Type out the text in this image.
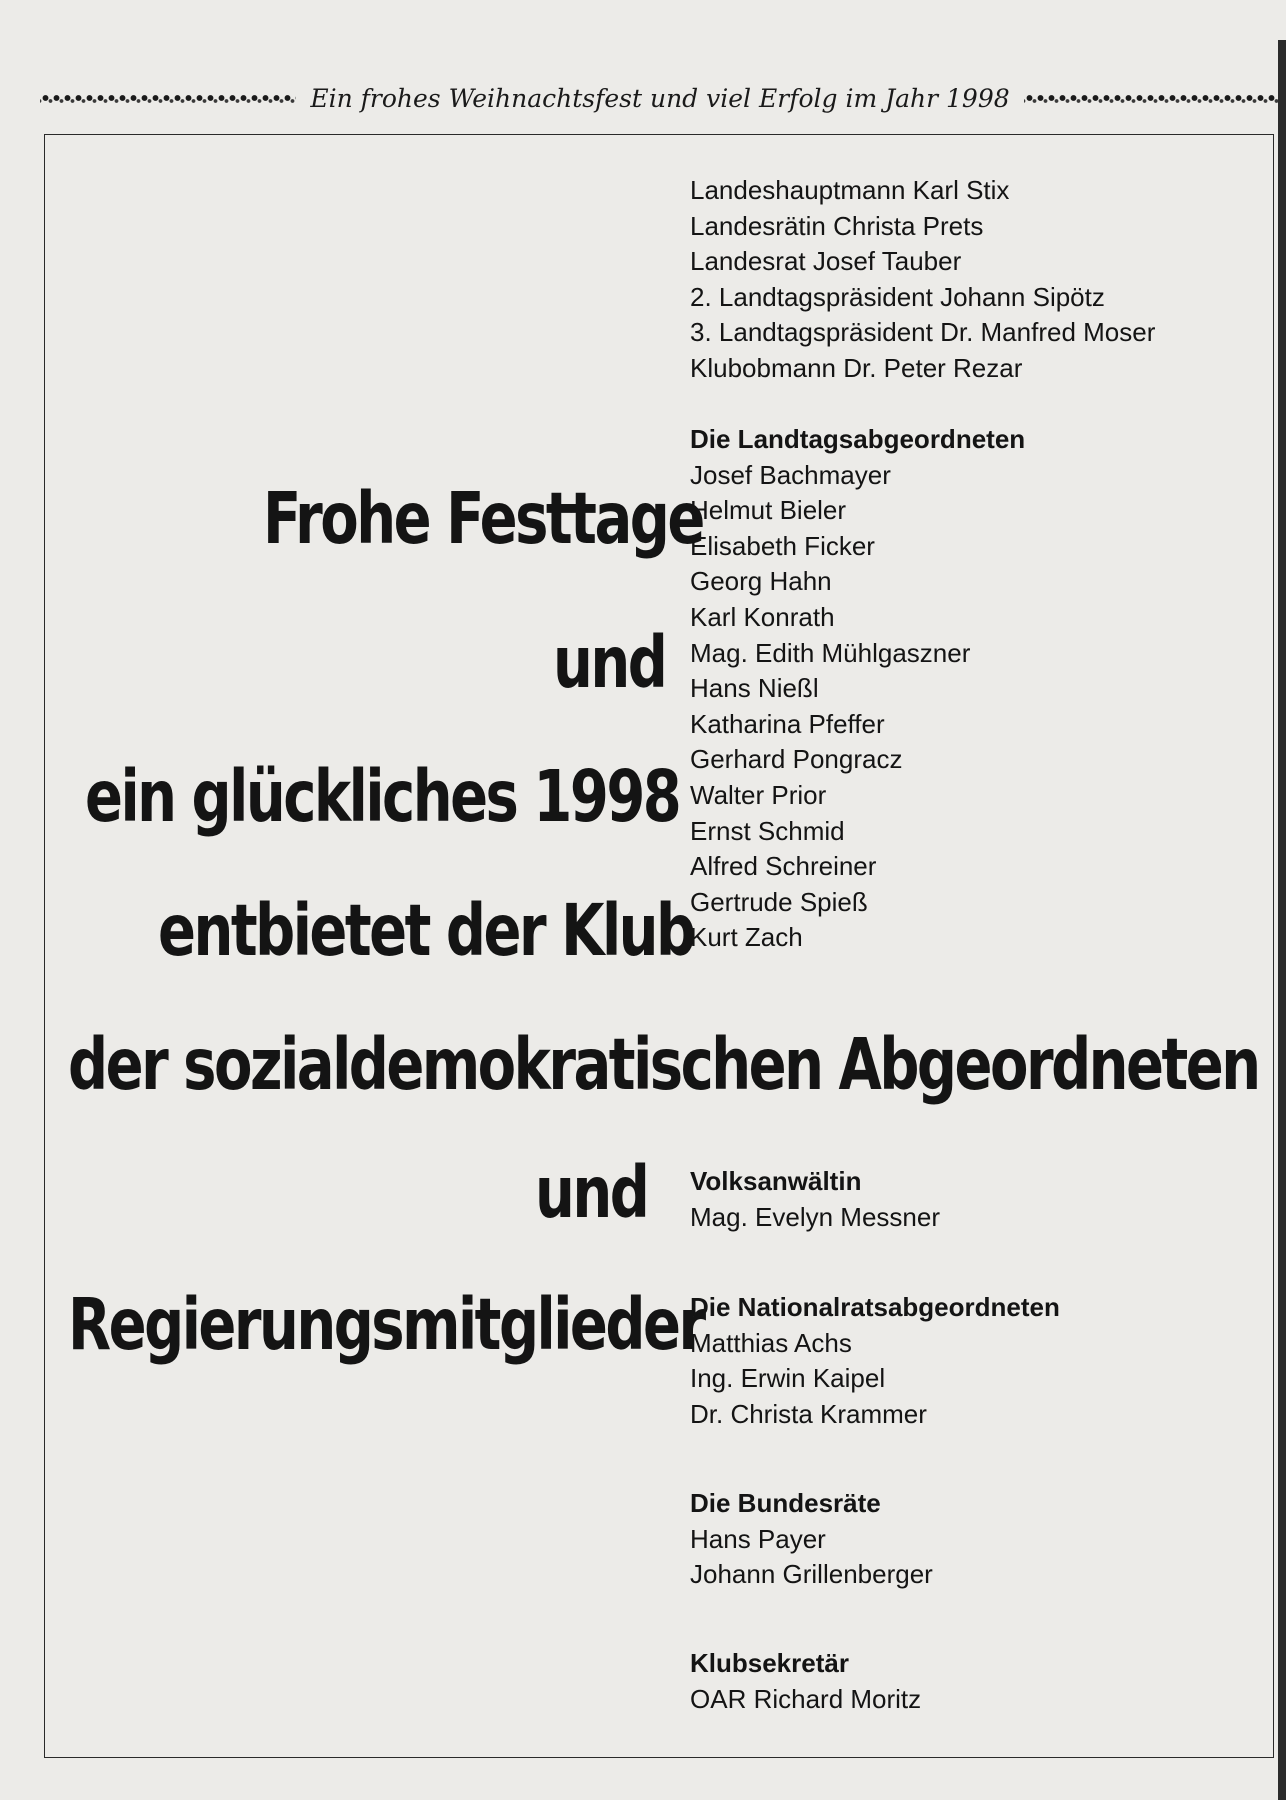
Ein frohes Weihnachtsfest und viel Erfolg im Jahr 1998
Frohe Festtage
und
ein glückliches 1998
entbietet der Klub
der sozialdemokratischen Abgeordneten
und
Regierungsmitglieder
Landeshauptmann Karl Stix
Landesrätin Christa Prets
Landesrat Josef Tauber
2. Landtagspräsident Johann Sipötz
3. Landtagspräsident Dr. Manfred Moser
Klubobmann Dr. Peter Rezar
Die Landtagsabgeordneten
Josef Bachmayer
Helmut Bieler
Elisabeth Ficker
Georg Hahn
Karl Konrath
Mag. Edith Mühlgaszner
Hans Nießl
Katharina Pfeffer
Gerhard Pongracz
Walter Prior
Ernst Schmid
Alfred Schreiner
Gertrude Spieß
Kurt Zach
Volksanwältin
Mag. Evelyn Messner
Die Nationalratsabgeordneten
Matthias Achs
Ing. Erwin Kaipel
Dr. Christa Krammer
Die Bundesräte
Hans Payer
Johann Grillenberger
Klubsekretär
OAR Richard Moritz
